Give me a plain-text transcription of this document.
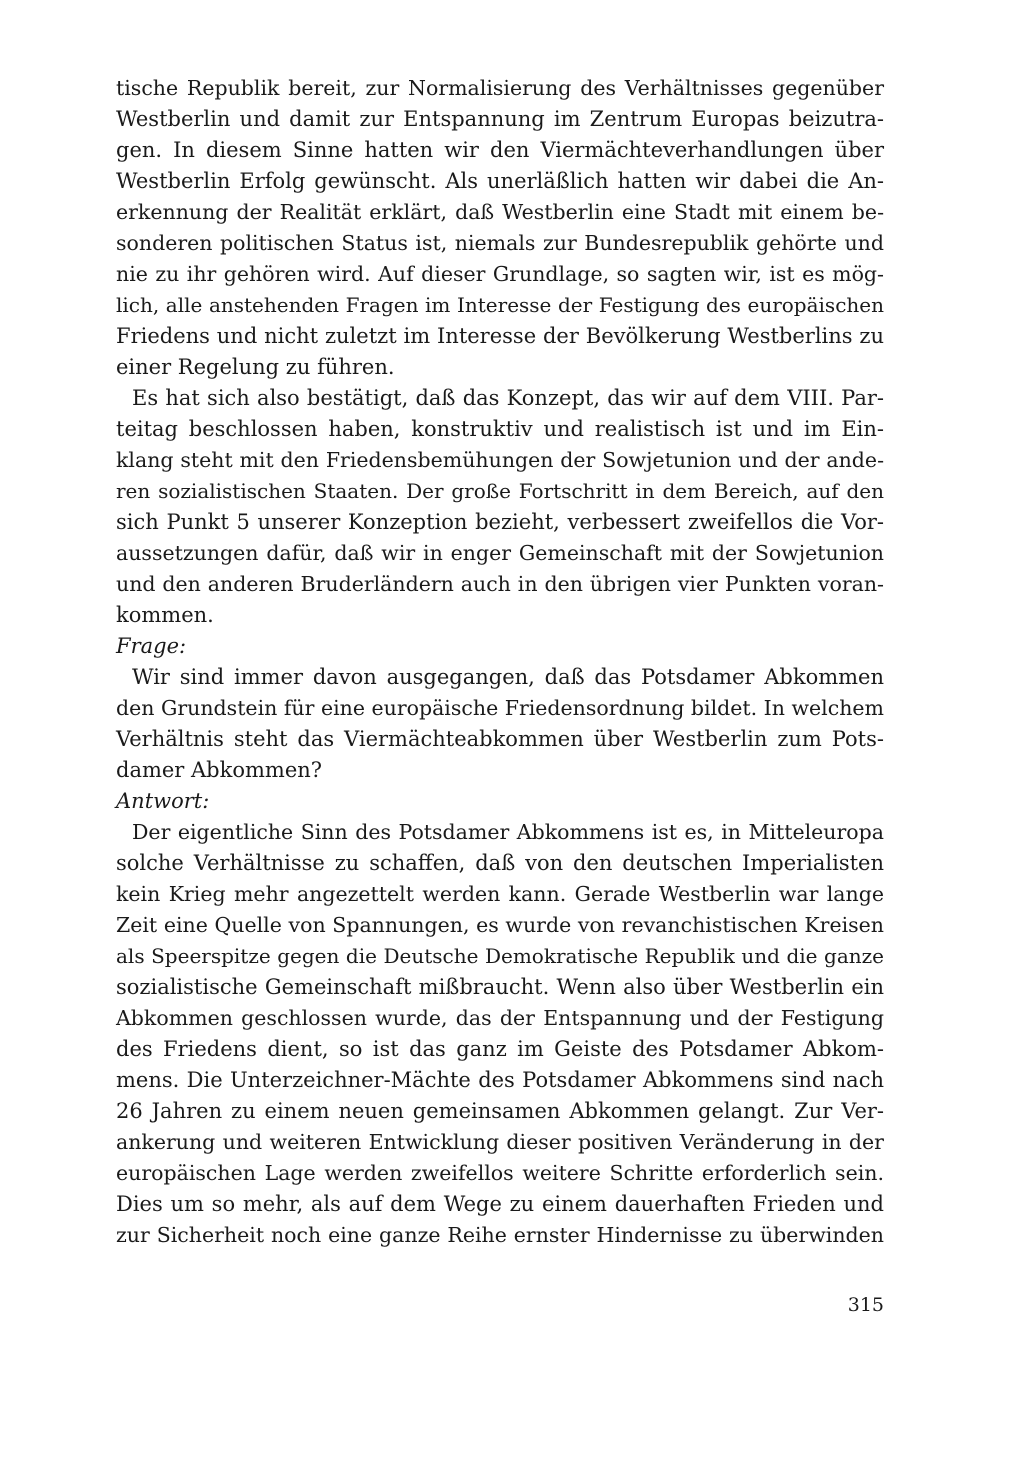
tische Republik bereit, zur Normalisierung des Verhältnisses gegenüber
Westberlin und damit zur Entspannung im Zentrum Europas beizutra-
gen. In diesem Sinne hatten wir den Viermächteverhandlungen über
Westberlin Erfolg gewünscht. Als unerläßlich hatten wir dabei die An-
erkennung der Realität erklärt, daß Westberlin eine Stadt mit einem be-
sonderen politischen Status ist, niemals zur Bundesrepublik gehörte und
nie zu ihr gehören wird. Auf dieser Grundlage, so sagten wir, ist es mög-
lich, alle anstehenden Fragen im Interesse der Festigung des europäischen
Friedens und nicht zuletzt im Interesse der Bevölkerung Westberlins zu
einer Regelung zu führen.
Es hat sich also bestätigt, daß das Konzept, das wir auf dem VIII. Par-
teitag beschlossen haben, konstruktiv und realistisch ist und im Ein-
klang steht mit den Friedensbemühungen der Sowjetunion und der ande-
ren sozialistischen Staaten. Der große Fortschritt in dem Bereich, auf den
sich Punkt 5 unserer Konzeption bezieht, verbessert zweifellos die Vor-
aussetzungen dafür, daß wir in enger Gemeinschaft mit der Sowjetunion
und den anderen Bruderländern auch in den übrigen vier Punkten voran-
kommen.
Frage:
Wir sind immer davon ausgegangen, daß das Potsdamer Abkommen
den Grundstein für eine europäische Friedensordnung bildet. In welchem
Verhältnis steht das Viermächteabkommen über Westberlin zum Pots-
damer Abkommen?
Antwort:
Der eigentliche Sinn des Potsdamer Abkommens ist es, in Mitteleuropa
solche Verhältnisse zu schaffen, daß von den deutschen Imperialisten
kein Krieg mehr angezettelt werden kann. Gerade Westberlin war lange
Zeit eine Quelle von Spannungen, es wurde von revanchistischen Kreisen
als Speerspitze gegen die Deutsche Demokratische Republik und die ganze
sozialistische Gemeinschaft mißbraucht. Wenn also über Westberlin ein
Abkommen geschlossen wurde, das der Entspannung und der Festigung
des Friedens dient, so ist das ganz im Geiste des Potsdamer Abkom-
mens. Die Unterzeichner-Mächte des Potsdamer Abkommens sind nach
26 Jahren zu einem neuen gemeinsamen Abkommen gelangt. Zur Ver-
ankerung und weiteren Entwicklung dieser positiven Veränderung in der
europäischen Lage werden zweifellos weitere Schritte erforderlich sein.
Dies um so mehr, als auf dem Wege zu einem dauerhaften Frieden und
zur Sicherheit noch eine ganze Reihe ernster Hindernisse zu überwinden
315
